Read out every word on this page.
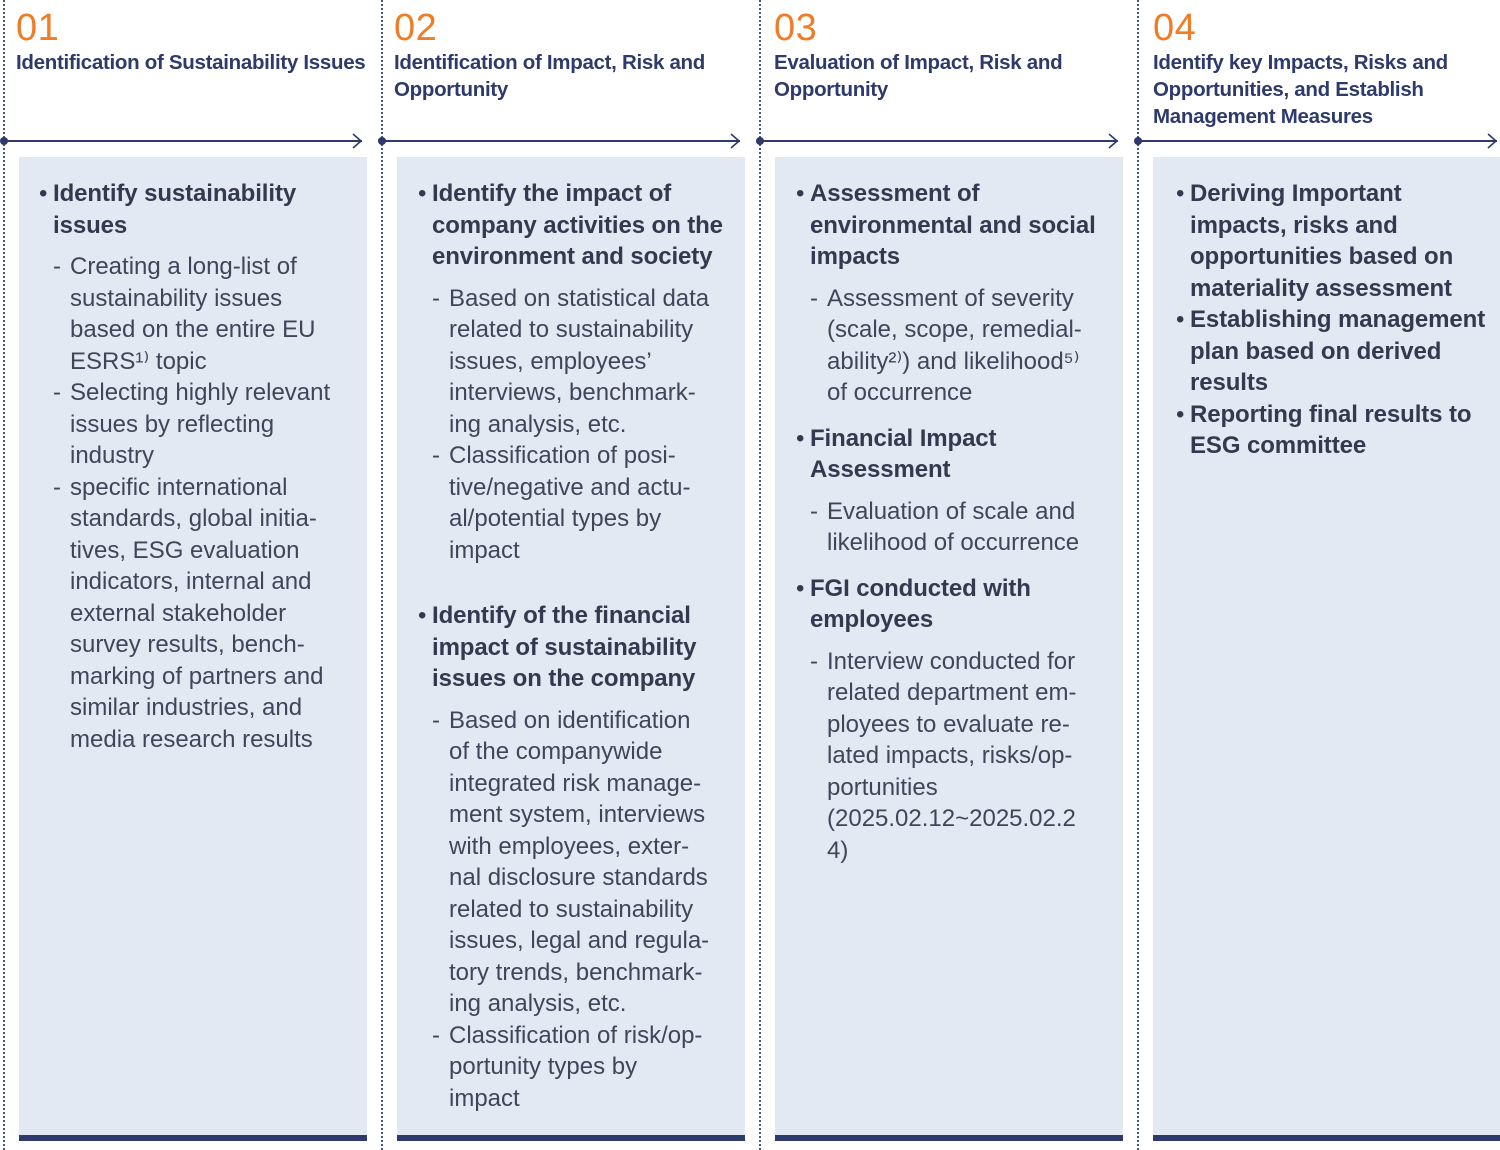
01
Identification of Sustainability Issues
• Identify sustainability
issues
- Creating a long-list of
sustainability issues
based on the entire EU
ESRS¹⁾ topic
- Selecting highly relevant
issues by reflecting
industry
- specific international
standards, global initia-
tives, ESG evaluation
indicators, internal and
external stakeholder
survey results, bench-
marking of partners and
similar industries, and
media research results
02
Identification of Impact, Risk and
Opportunity
• Identify the impact of
company activities on the
environment and society
- Based on statistical data
related to sustainability
issues, employees’
interviews, benchmark-
ing analysis, etc.
- Classification of posi-
tive/negative and actu-
al/potential types by
impact
• Identify of the financial
impact of sustainability
issues on the company
- Based on identification
of the companywide
integrated risk manage-
ment system, interviews
with employees, exter-
nal disclosure standards
related to sustainability
issues, legal and regula-
tory trends, benchmark-
ing analysis, etc.
- Classification of risk/op-
portunity types by
impact
03
Evaluation of Impact, Risk and
Opportunity
• Assessment of
environmental and social
impacts
- Assessment of severity
(scale, scope, remedial-
ability²⁾) and likelihood⁵⁾
of occurrence
• Financial Impact
Assessment
- Evaluation of scale and
likelihood of occurrence
• FGI conducted with
employees
- Interview conducted for
related department em-
ployees to evaluate re-
lated impacts, risks/op-
portunities
(2025.02.12~2025.02.2
4)
04
Identify key Impacts, Risks and
Opportunities, and Establish
Management Measures
• Deriving Important
impacts, risks and
opportunities based on
materiality assessment
• Establishing management
plan based on derived
results
• Reporting final results to
ESG committee
